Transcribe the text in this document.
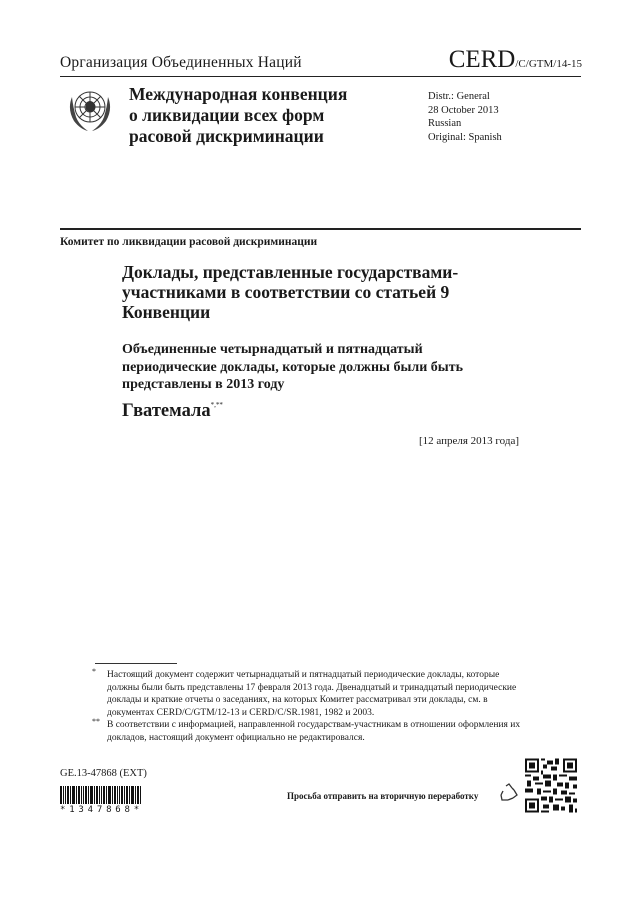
Организация Объединенных Наций	CERD/C/GTM/14-15
Международная конвенция
о ликвидации всех форм
расовой дискриминации
Distr.: General
28 October 2013
Russian
Original: Spanish
Комитет по ликвидации расовой дискриминации
Доклады, представленные государствами-
участниками в соответствии со статьей 9
Конвенции
Объединенные четырнадцатый и пятнадцатый
периодические доклады, которые должны были быть
представлены в 2013 году
Гватемала*,**
[12 апреля 2013 года]
* Настоящий документ содержит четырнадцатый и пятнадцатый периодические доклады, которые должны были быть представлены 17 февраля 2013 года. Двенадцатый и тринадцатый периодические доклады и краткие отчеты о заседаниях, на которых Комитет рассматривал эти доклады, см. в документах CERD/C/GTM/12-13 и CERD/C/SR.1981, 1982 и 2003.
** В соответствии с информацией, направленной государствам-участникам в отношении оформления их докладов, настоящий документ официально не редактировался.
GE.13-47868 (EXT)
*1347868*
Просьба отправить на вторичную переработку
